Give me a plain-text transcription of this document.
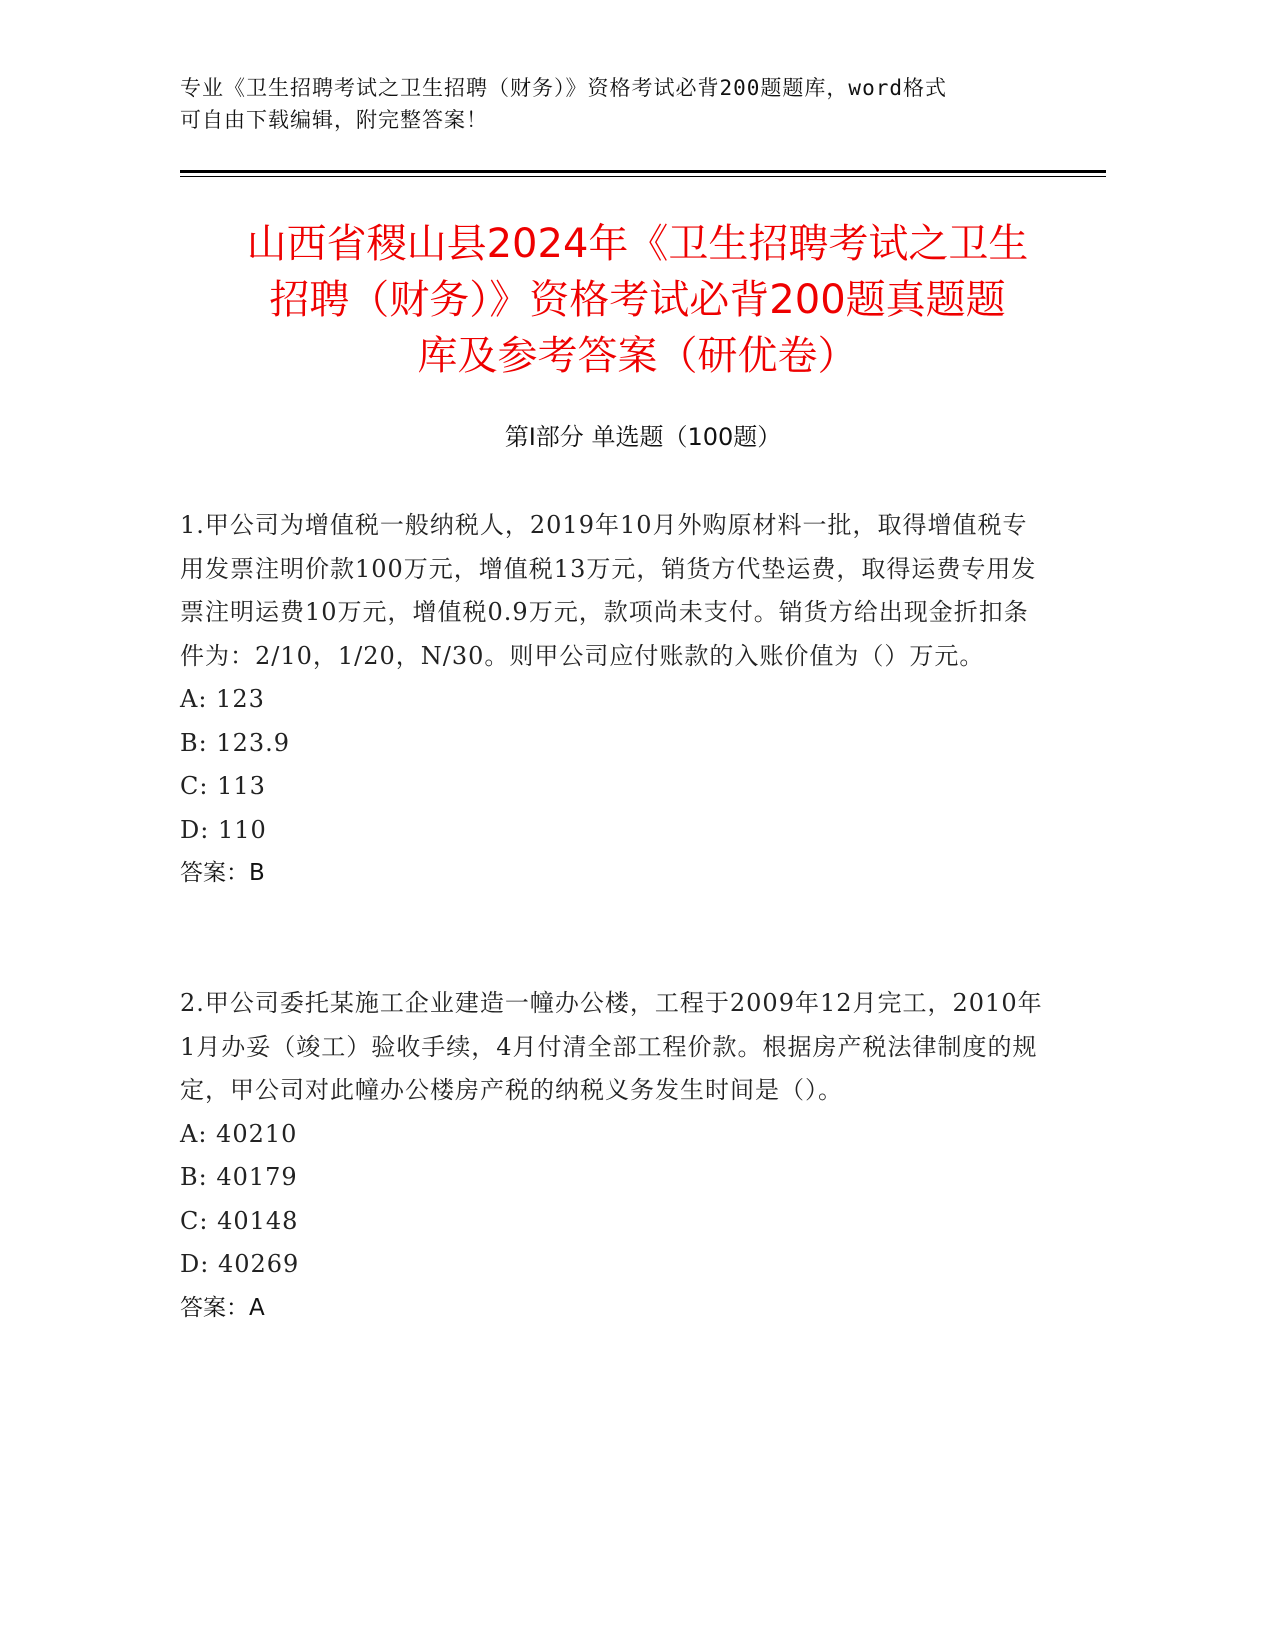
专业《卫生招聘考试之卫生招聘（财务）》资格考试必背200题题库，word格式
可自由下载编辑，附完整答案！
山西省稷山县2024年《卫生招聘考试之卫生
招聘（财务）》资格考试必背200题真题题
库及参考答案（研优卷）
第Ⅰ部分 单选题（100题）
1.甲公司为增值税一般纳税人，2019年10月外购原材料一批，取得增值税专用发票注明价款100万元，增值税13万元，销货方代垫运费，取得运费专用发票注明运费10万元，增值税0.9万元，款项尚未支付。销货方给出现金折扣条件为：2/10，1/20，N/30。则甲公司应付账款的入账价值为（）万元。
A: 123
B: 123.9
C: 113
D: 110
答案：B
2.甲公司委托某施工企业建造一幢办公楼，工程于2009年12月完工，2010年1月办妥（竣工）验收手续，4月付清全部工程价款。根据房产税法律制度的规定，甲公司对此幢办公楼房产税的纳税义务发生时间是（）。
A: 40210
B: 40179
C: 40148
D: 40269
答案：A
